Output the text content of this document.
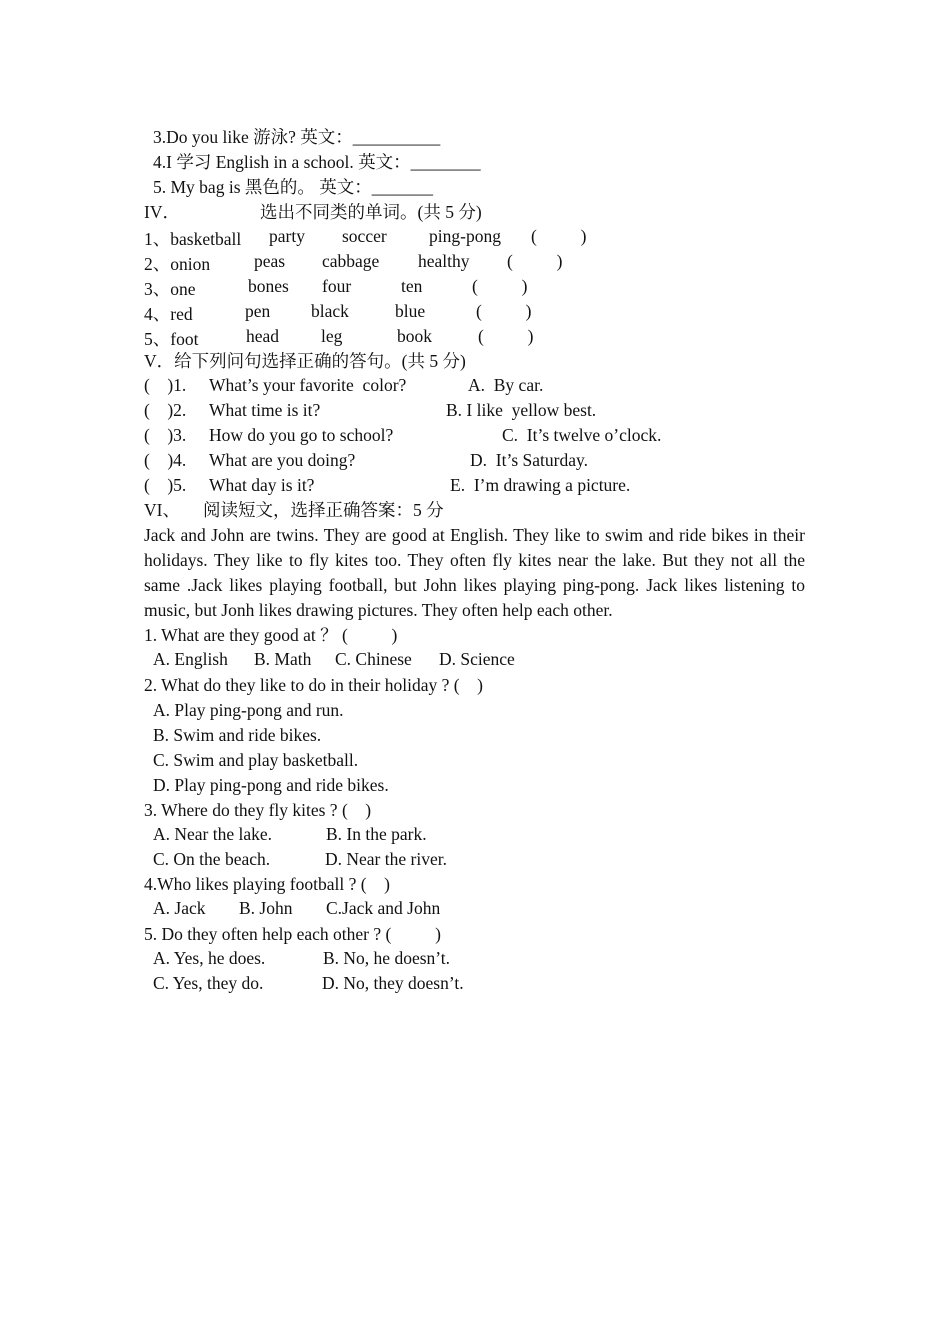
3.Do you like 游泳? 英文：__________
4.I 学习 English in a school. 英文：________
5. My bag is 黑色的。 英文：_______
IV．	选出不同类的单词。(共 5 分)
1、basketball party soccer ping-pong (          )
2、onion	peas cabbage healthy (          )
3、one	bones four	ten	(          )
4、red	pen black	blue	(          )
5、foot	head leg	book	(          )
V．给下列问句选择正确的答句。(共 5 分)
(    )1. What’s your favorite  color?	A.  By car.
(    )2. What time is it?	B. I like  yellow best.
(    )3. How do you go to school?	C.  It’s twelve o’clock.
(    )4. What are you doing?	D.  It’s Saturday.
(    )5. What day is it?	E.  I’m drawing a picture.
VI、 阅读短文，选择正确答案：5 分
Jack and John are twins. They are good at English. They like to swim and ride bikes in their holidays. They like to fly kites too. They often fly kites near the lake. But they not all the same .Jack likes playing football, but John likes playing ping-pong. Jack likes listening to music, but Jonh likes drawing pictures. They often help each other.
1. What are they good at ？ (          )
A. English B. Math C. Chinese D. Science
2. What do they like to do in their holiday ? (    )
A. Play ping-pong and run.
B. Swim and ride bikes.
C. Swim and play basketball.
D. Play ping-pong and ride bikes.
3. Where do they fly kites ? (    )
A. Near the lake.	B. In the park.
C. On the beach.	D. Near the river.
4.Who likes playing football ? (    )
A. Jack B. John C.Jack and John
5. Do they often help each other ? (          )
A. Yes, he does.	B. No, he doesn’t.
C. Yes, they do.	D. No, they doesn’t.
